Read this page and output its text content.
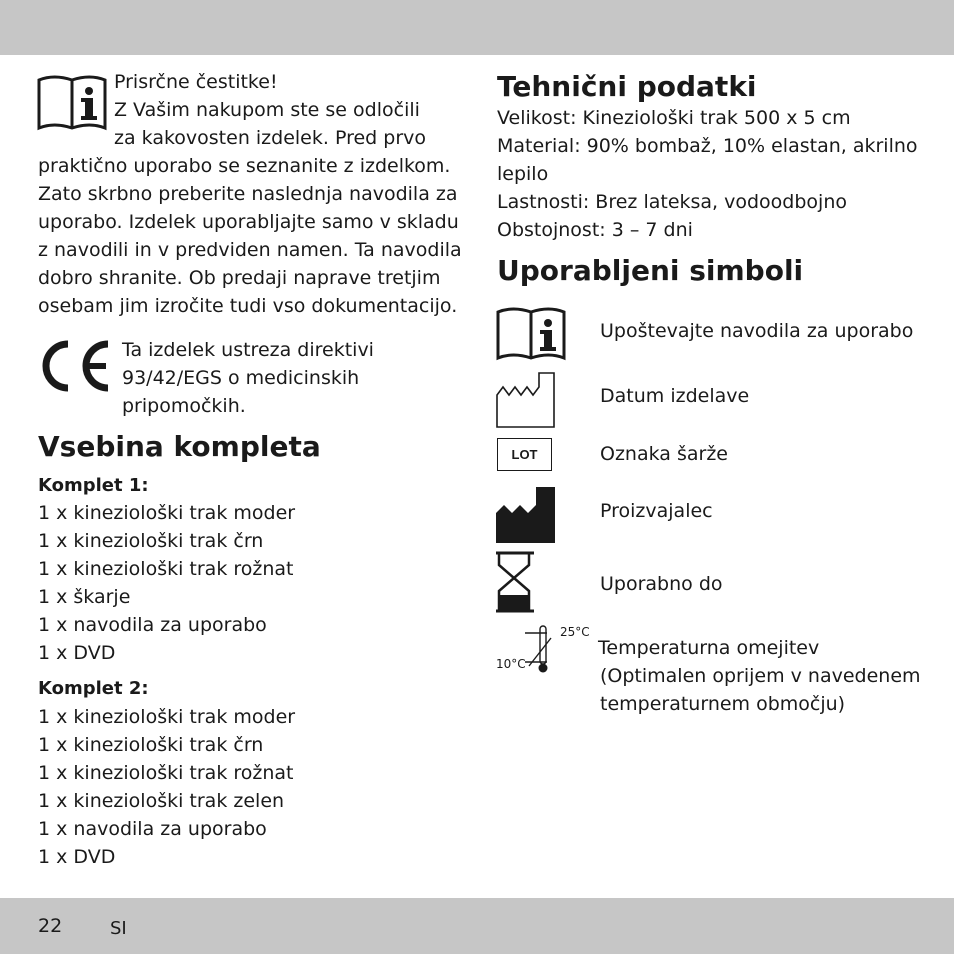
Prisrčne čestitke!
Z Vašim nakupom ste se odločili
za kakovosten izdelek. Pred prvo
praktično uporabo se seznanite z izdelkom.
Zato skrbno preberite naslednja navodila za
uporabo. Izdelek uporabljajte samo v skladu
z navodili in v predviden namen. Ta navodila
dobro shranite. Ob predaji naprave tretjim
osebam jim izročite tudi vso dokumentacijo.
Ta izdelek ustreza direktivi
93/42/EGS o medicinskih
pripomočkih.
Vsebina kompleta
Komplet 1:
1 x kineziološki trak moder
1 x kineziološki trak črn
1 x kineziološki trak rožnat
1 x škarje
1 x navodila za uporabo
1 x DVD
Komplet 2:
1 x kineziološki trak moder
1 x kineziološki trak črn
1 x kineziološki trak rožnat
1 x kineziološki trak zelen
1 x navodila za uporabo
1 x DVD
Tehnični podatki
Velikost: Kineziološki trak 500 x 5 cm
Material: 90% bombaž, 10% elastan, akrilno
lepilo
Lastnosti: Brez lateksa, vodoodbojno
Obstojnost: 3 – 7 dni
Uporabljeni simboli
Upoštevajte navodila za uporabo
Datum izdelave
LOT	Oznaka šarže
Proizvajalec
Uporabno do
25°C
10°C
Temperaturna omejitev
(Optimalen oprijem v navedenem
temperaturnem območju)
22	SI
